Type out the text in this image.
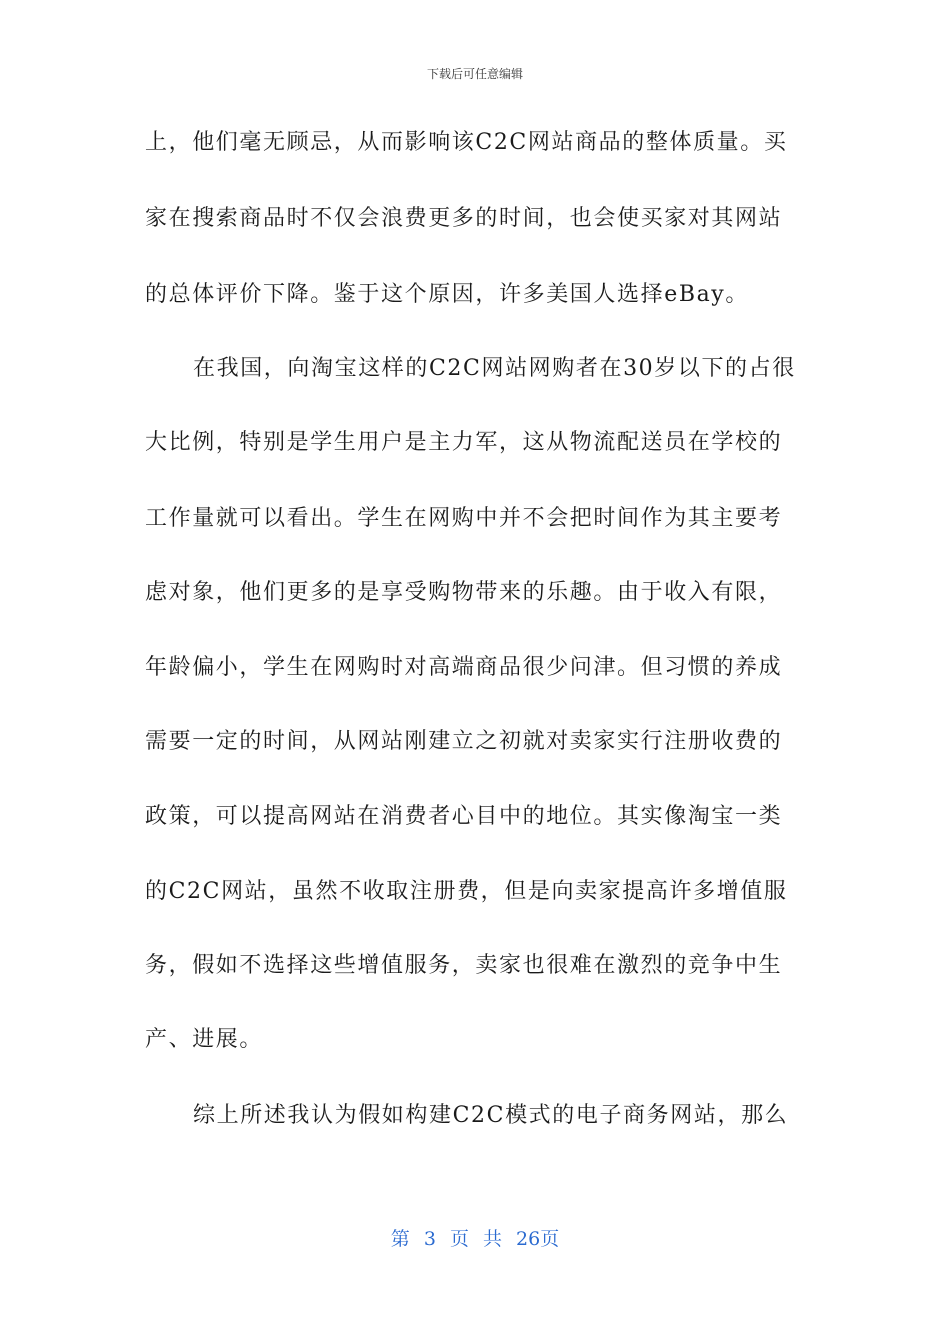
下载后可任意编辑
上，他们毫无顾忌，从而影响该C2C网站商品的整体质量。买
家在搜索商品时不仅会浪费更多的时间，也会使买家对其网站
的总体评价下降。鉴于这个原因，许多美国人选择eBay。
在我国，向淘宝这样的C2C网站网购者在30岁以下的占很
大比例，特别是学生用户是主力军，这从物流配送员在学校的
工作量就可以看出。学生在网购中并不会把时间作为其主要考
虑对象，他们更多的是享受购物带来的乐趣。由于收入有限，
年龄偏小，学生在网购时对高端商品很少问津。但习惯的养成
需要一定的时间，从网站刚建立之初就对卖家实行注册收费的
政策，可以提高网站在消费者心目中的地位。其实像淘宝一类
的C2C网站，虽然不收取注册费，但是向卖家提高许多增值服
务，假如不选择这些增值服务，卖家也很难在激烈的竞争中生
产、进展。
综上所述我认为假如构建C2C模式的电子商务网站，那么
第 3 页 共 26页
